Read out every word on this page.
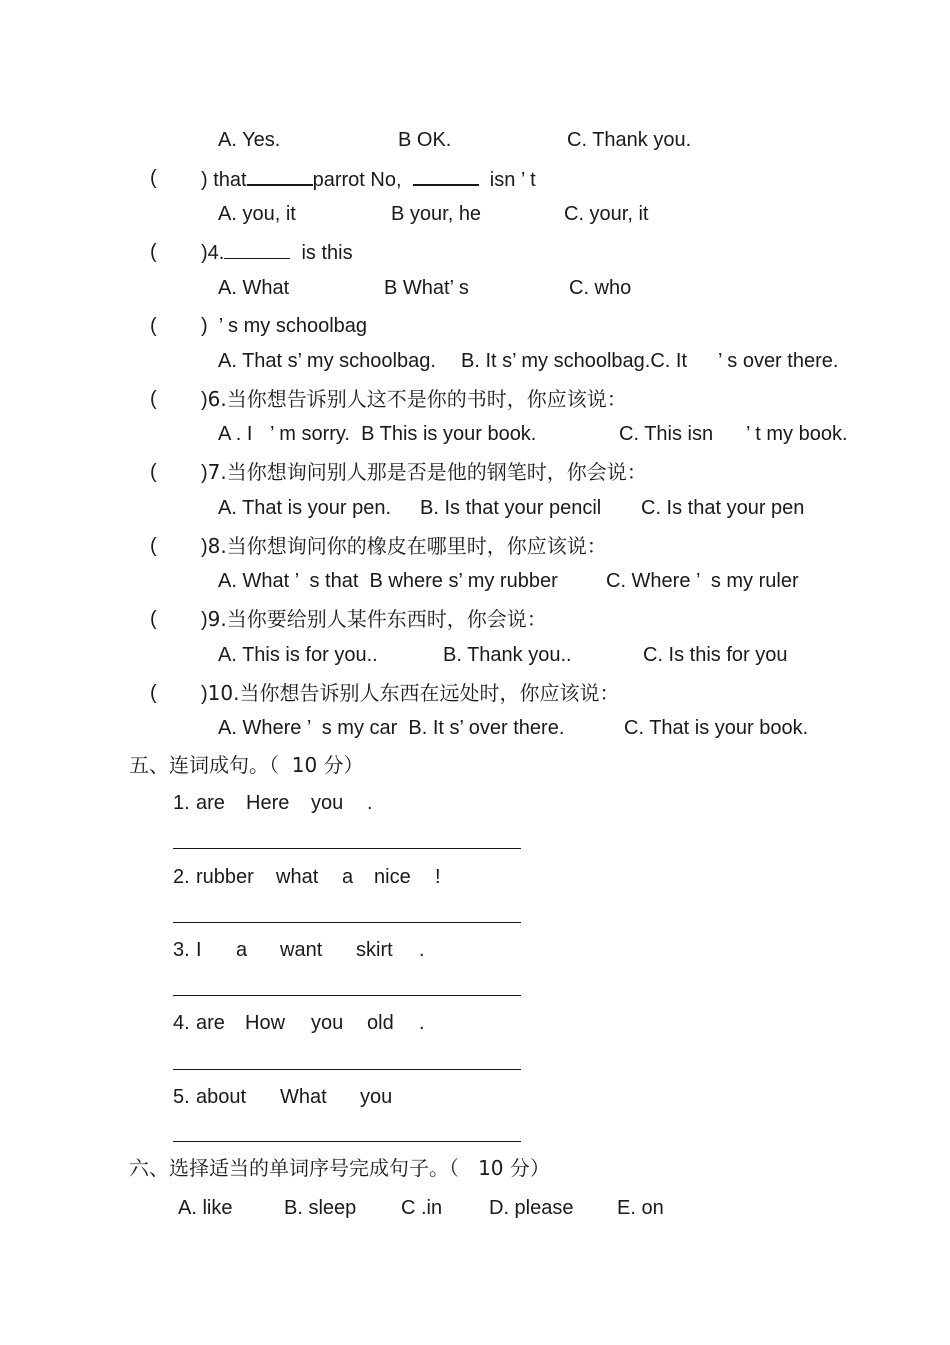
A. Yes.	B OK.	C. Thank you.
( ) that	parrot No,	isn ’ t
A. you, it	B your, he	C. your, it
( )4.	is this
A. What	B What’ s	C. who
( ) ’ s my schoolbag
A. That s’ my schoolbag. B. It s’ my schoolbag.C. It ’ s over there.
( )6.当你想告诉别人这不是你的书时，你应该说：
A . I ’ m sorry.  B This is your book.	C. This isn ’ t my book.
( )7.当你想询问别人那是否是他的钢笔时，你会说：
A. That is your pen. B. Is that your pencil C. Is that your pen
( )8.当你想询问你的橡皮在哪里时，你应该说：
A. What ’  s that  B where s’ my rubber C. Where ’  s my ruler
( )9.当你要给别人某件东西时，你会说：
A. This is for you..	B. Thank you..	C. Is this for you
( )10.当你想告诉别人东西在远处时，你应该说：
A. Where ’  s my car  B. It s’ over there.	C. That is your book.
五、连词成句。（  10 分）
1. are Here you .
2. rubber what a nice !
3. I a want skirt .
4. are How you old .
5. about What you
六、选择适当的单词序号完成句子。（   10 分）
A. like	B. sleep C .in D. please E. on
